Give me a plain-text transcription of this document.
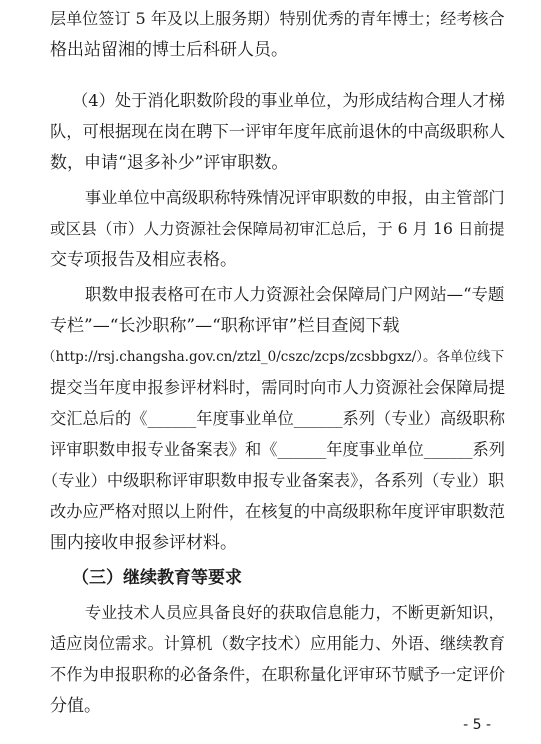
层单位签订 5 年及以上服务期）特别优秀的青年博士；经考核合
格出站留湘的博士后科研人员。
（4）处于消化职数阶段的事业单位，为形成结构合理人才梯
队，可根据现在岗在聘下一评审年度年底前退休的中高级职称人
数，申请“退多补少”评审职数。
事业单位中高级职称特殊情况评审职数的申报，由主管部门
或区县（市）人力资源社会保障局初审汇总后，于 6 月 16 日前提
交专项报告及相应表格。
职数申报表格可在市人力资源社会保障局门户网站—“专题
专栏”—“长沙职称”—“职称评审”栏目查阅下载
（http://rsj.changsha.gov.cn/ztzl_0/cszc/zcps/zcsbbgxz/）。各单位线下
提交当年度申报参评材料时，需同时向市人力资源社会保障局提
交汇总后的《______年度事业单位______系列（专业）高级职称
评审职数申报专业备案表》和《______年度事业单位______系列
（专业）中级职称评审职数申报专业备案表》，各系列（专业）职
改办应严格对照以上附件，在核复的中高级职称年度评审职数范
围内接收申报参评材料。
（三）继续教育等要求
专业技术人员应具备良好的获取信息能力，不断更新知识，
适应岗位需求。计算机（数字技术）应用能力、外语、继续教育
不作为申报职称的必备条件，在职称量化评审环节赋予一定评价
分值。
- 5 -
